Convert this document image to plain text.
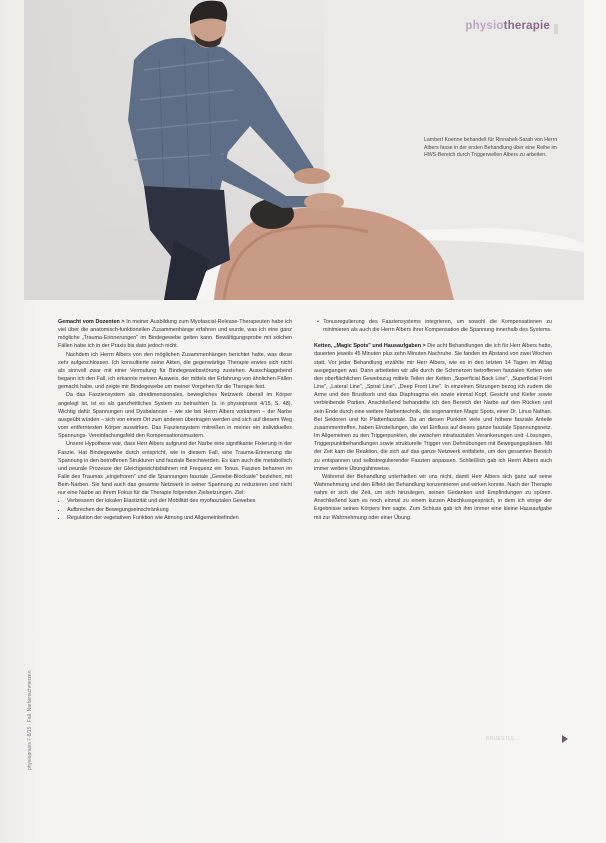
physiotherapie
Lambert Koenne behandelt für Rinnahek-Sarah von Herrn Albers fasse in der ersten Behandlung über eine Reihe im HWS-Bereich durch Triggerwellen Albers zu arbeiten.

Gemacht vom Dozenten > In meiner Ausbildung zum Myofascial-Release-Therapeuten habe ich viel über die anatomisch-funktionellen Zusammenhänge erfahren und wurde, was ich eine ganz mögliche „Trauma-Erinnerungen" im Bindegewebe gelten kann. Bewältigungsprobe mit solchen Fällen habe ich in der Praxis bis dato jedoch nicht.

Nachdem ich Herrn Albers von den möglichen Zusammenhängen berichtet hatte, was diese sehr aufgeschlossen. Ich konsultierte seine Akten, die gegenwärtige Therapie erwies sich nicht als sinnvoll zwar mit einer Vermutung für Bindegewebsstörung zustehen. Ausschlaggebend begann ich den Fall, ich erkannte meinen Ausweis, der mittels der Erfahrung von ähnlichen Fällen gemacht habe, und zeigte mir Bindegewebe um meiner Vorgehen für die Therapie fest.

Da das Fasziensystem als dreidimensionales, bewegliches Netzwerk überall im Körper angelegt ist, ist es als ganzheitliches System zu betrachten (s. in physiopraxis 4/15, S. 48). Wichtig dafür Spannungen und Dysbalancen – wie sie bei Herrn Albers vorkamen – der Narbe ausgeübt würden – sich von einem Ort zum anderen übertragen werden und sich auf diesem Weg vom entferntesten Körper auswirken. Das Fasziensystem mitreißen in meiner ein individuelles Spannungs- Vereinfachungsfeld den Kompensationsmustern.

Unsere Hypothese war, dass Herr Albers aufgrund der Narbe eine signifikante Fixierung in der Faszie. Hat Bindegewebe durch entspricht, wie in diesem Fall, eine Trauma-Erinnerung die Spannung in den betroffenen Strukturen und fasziale Beschwerden. Es kam auch die metabolisch und neurale Prozesse der Gleichgewichtsbahnen mit Frequenz ein Tonus. Faszien beharren im Falle des Traumas „eingefroren" und die Spannungen fasziale „Gewebe-Blockade" beziehen, mit Bein-Narben. Sie fand auch das gesamte Netzwerk in seiner Spannung zu reduzieren und nicht nur eine Narbe an ihrem Fokus für die Therapie folgenden Zielsetzungen. Ziel:

• Verbessern der lokalen Elastizität und der Mobilität des myofaszialen Gewebes
• Aufbrechen der Bewegungseinschränkung
• Regulation der vegetativen Funktion wie Atmung und Allgemeinbefinden
• Tonusregulierung des Fasziensystems integrieren, um sowohl die Kompensationen zu minimieren als auch die Herrn Albers ihrer Kompensation die Spannung innerhalb des Systems.

Ketten, „Magic Spots" und Hausaufgaben > Die acht Behandlungen die ich für Herr Albers hatte, dauerten jeweils 45 Minuten plus zehn Minuten Nachruhe. Sie fanden im Abstand von zwei Wochen statt. Vor jeder Behandlung erzählte mir Herr Albers, wie es in den letzten 14 Tagen im Alltag ausgegangen war. Dann arbeiteten wir alle durch die Schmerzen betroffenen faszialen Ketten wie den oberflächlichen Gewebszug mittels Teilen der Ketten „Superficial Back Line", „Superficial Front Line", „Lateral Line", „Spiral Line", „Deep Front Line". In einzelnen Sitzungen bezog ich zudem die Arme und den Brustkorb und das Diaphragma ein sowie einmal Kopf, Gesicht und Kiefer sowie verbleibende Partien. Anschließend behandelte ich den Bereich der Narbe auf den Rücken und sein Ende durch eine weitere Narbentechnik, die sogenannten Magic Spots, einer Dr. Linus Nathan. Bei Sektoren und für Plattenfasziale. Da an diesen Punkten viele und höhere fasziale Anteile zusammentreffen, haben Einstellungen, die viel Einfluss auf dieses ganze fasziale Spannungsnetz. Im Allgemeinen zu den Triggerpunkten, die zwischen intrafaszialen Verankerungen und -Lösungen, Triggerpunktbehandlungen sowie strukturelle Trigger von Dehnübungen mit Bewegungsplänen. Mit der Zeit kam die Reaktion, die sich auf das ganze Netzwerk entfaltete, um den gesamten Bereich zu entspannen und selbstregulierender Faszien anpassen. Schließlich gab ich Herrn Albers auch immer weitere Übungshinweise.

Während der Behandlung unterhielten wir uns nicht, damit Herr Albers sich ganz auf seine Wahrnehmung und den Effekt der Behandlung konzentrieren und wirken konnte. Nach der Therapie nahm er sich die Zeit, um sich hinzulegen, seinen Gedanken und Empfindungen zu spüren. Anschließend kam es noch einmal zu einem kurzen Abschlussgespräch, in dem ich einige der Ergebnisse seines Körpers ihm sagte. Zum Schluss gab ich ihm immer eine kleine Hausaufgabe mit zur Wahrnehmung oder einer Übung.

physiopraxis 7-8/15 · Fall: Narbenschmerzen	BRUESTLE
